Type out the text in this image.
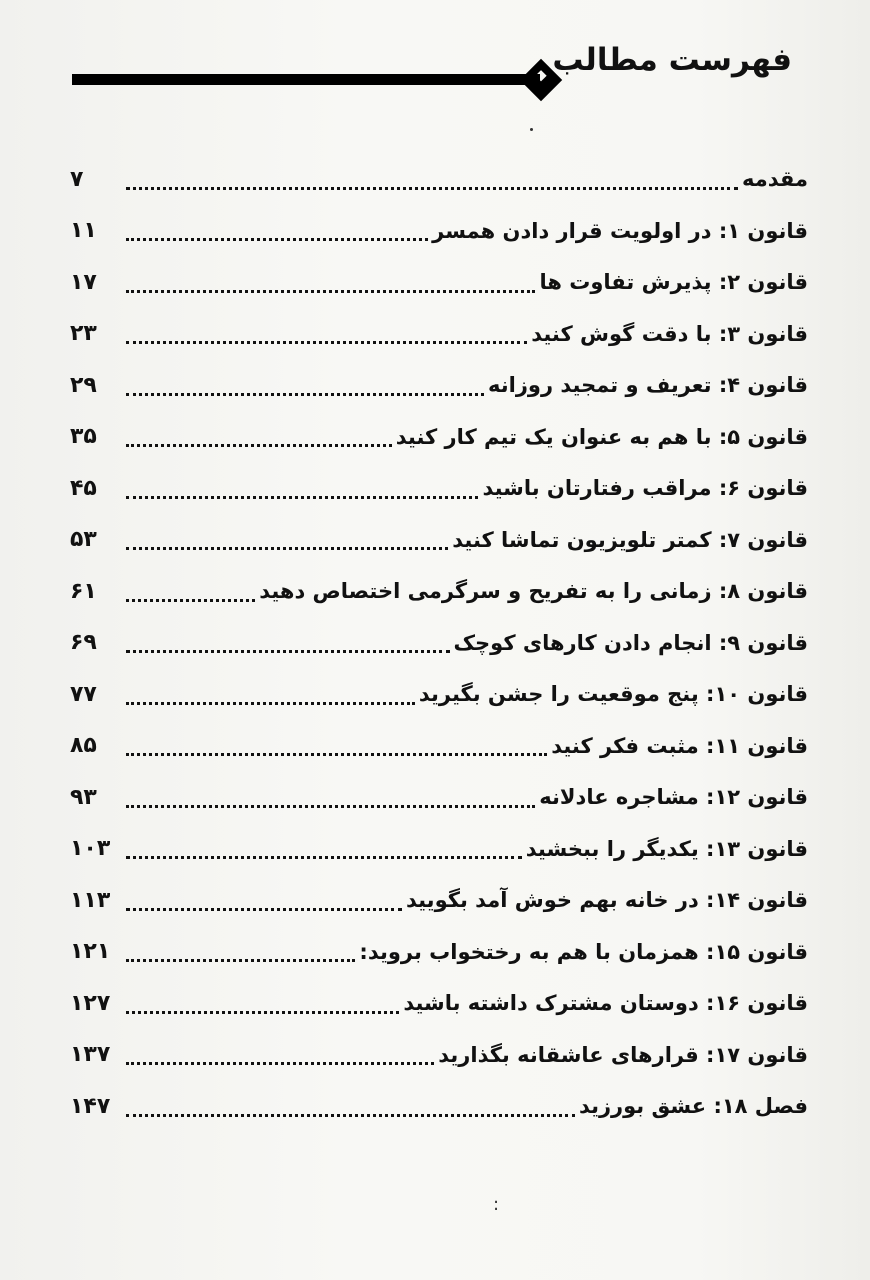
فهرست مطالب
مقدمه
۷
قانون ۱: در اولویت قرار دادن همسر
۱۱
قانون ۲: پذیرش تفاوت ها
۱۷
قانون ۳: با دقت گوش کنید
۲۳
قانون ۴: تعریف و تمجید روزانه
۲۹
قانون ۵: با هم به عنوان یک تیم کار کنید
۳۵
قانون ۶: مراقب رفتارتان باشید
۴۵
قانون ۷: کمتر تلویزیون تماشا کنید
۵۳
قانون ۸: زمانی را به تفریح و سرگرمی اختصاص دهید
۶۱
قانون ۹: انجام دادن کارهای کوچک
۶۹
قانون ۱۰: پنج موقعیت را جشن بگیرید
۷۷
قانون ۱۱: مثبت فکر کنید
۸۵
قانون ۱۲: مشاجره عادلانه
۹۳
قانون ۱۳: یکدیگر را ببخشید
۱۰۳
قانون ۱۴: در خانه بهم خوش آمد بگویید
۱۱۳
قانون ۱۵: همزمان با هم به رختخواب بروید:
۱۲۱
قانون ۱۶: دوستان مشترک داشته باشید
۱۲۷
قانون ۱۷: قرارهای عاشقانه بگذارید
۱۳۷
فصل ۱۸: عشق بورزید
۱۴۷
:
